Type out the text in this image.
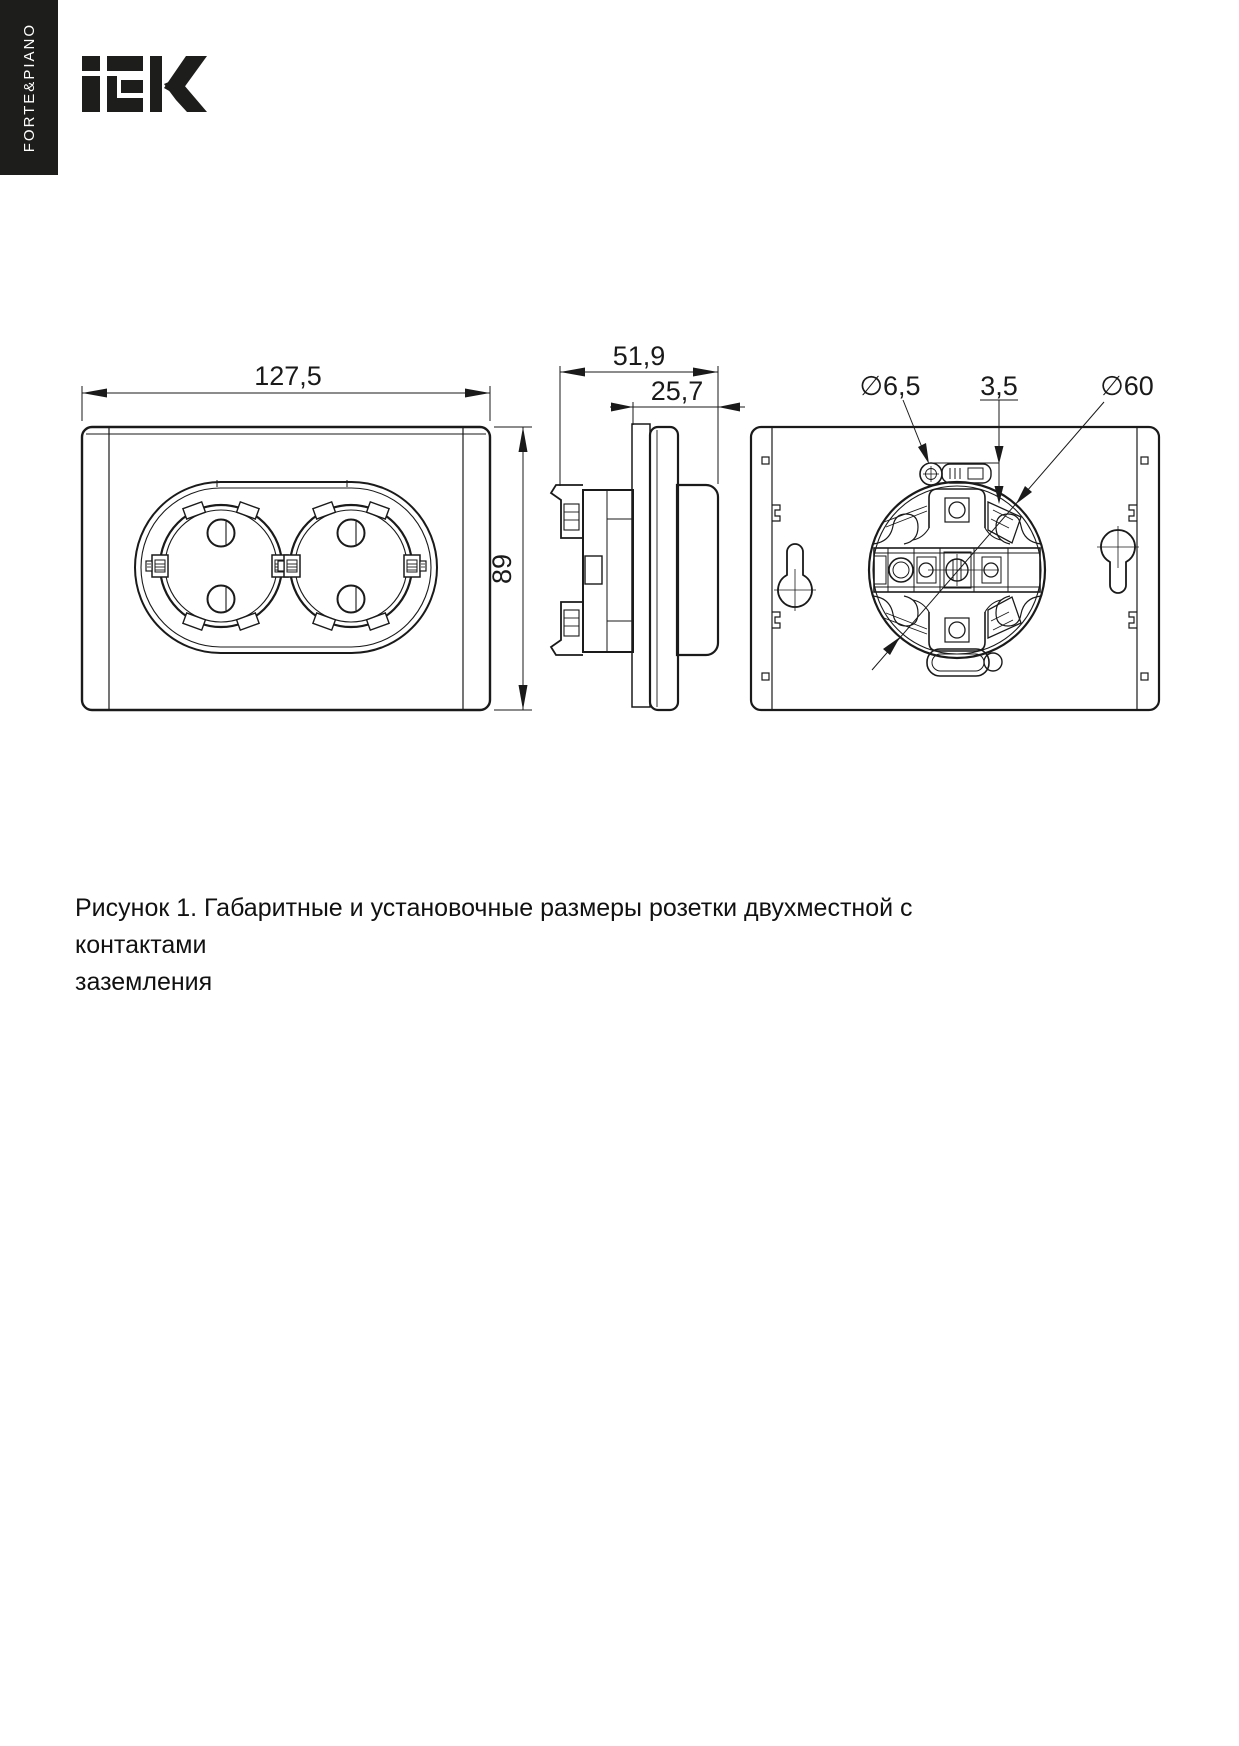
FORTE&PIANO
127,5
89
51,9
25,7	∅6,5 3,5	∅60
Рисунок 1. Габаритные и установочные размеры розетки двухместной с контактами
заземления
